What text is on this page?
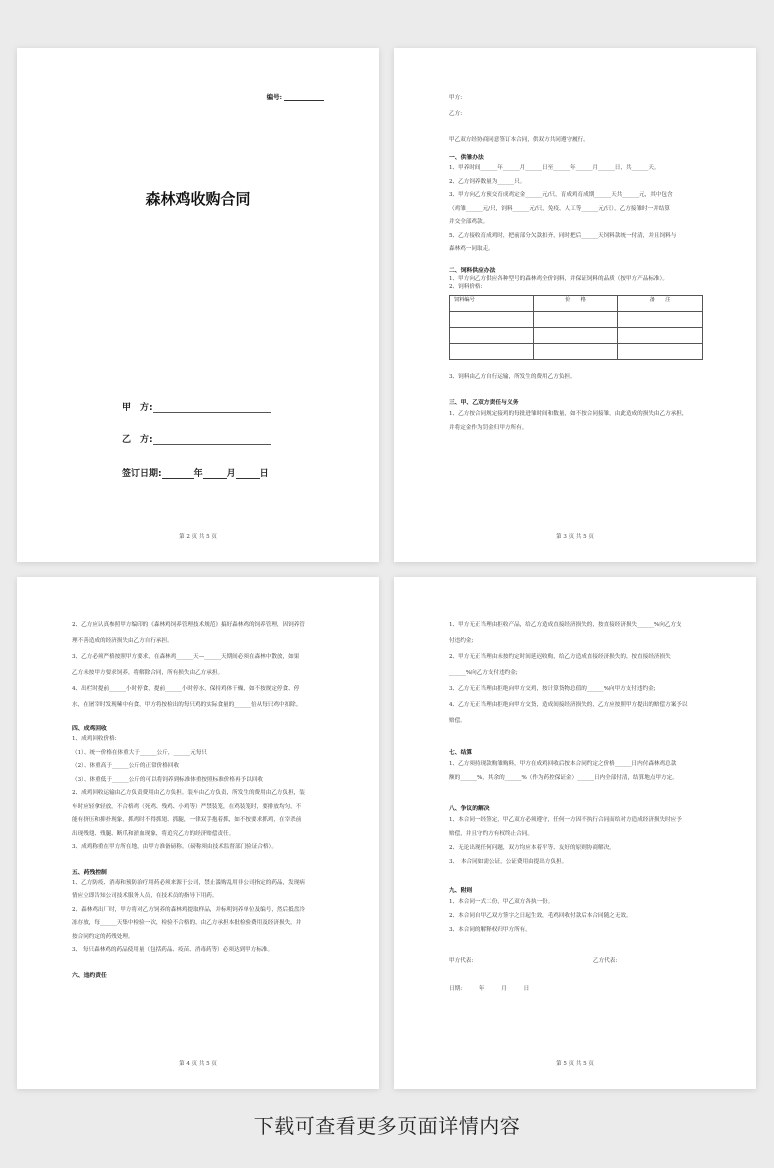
编号:
森林鸡收购合同
甲　方:
乙　方:
签订日期:	年	月	日
第 2 页 共 5 页
甲方:
乙方:
甲乙双方经协商同意签订本合同，供双方共同遵守履行。
一、供雏办法
1、甲养时间______年______月______日至______年______月______日，共______天。
2、乙方饲养数量为______只。
3、甲方向乙方预交育成鸡定金______元/只，育成鸡育成期______天共______元，其中包含
（鸡雏______元/只，饲料______元/只，免疫、人工等______元/只），乙方接雏时一并结算
并交全部鸡款。
5、乙方接收育成鸡时，把前部分欠款扣齐，同时把后______天饲料款统一付清，并且饲料与
森林鸡一同取走。
二、饲料供应办法
1、甲方向乙方供应各种型号的森林鸡全价饲料，并保证饲料的品质（按甲方产品标准）。
2、饲料价格:
饲料编号	价　　格	备　　注

3、饲料由乙方自行运输，所发生的费用乙方负担。
三、甲、乙双方责任与义务
1、乙方按合同规定接鸡的每批进雏时间和数量，如不按合同接雏，由此造成的损失由乙方承担，
并将定金作为罚金归甲方所有。
第 3 页 共 5 页
2、乙方应认真参照甲方编印的《森林鸡饲养管理技术规范》搞好森林鸡的饲养管理，因饲养管
理不善造成的经济损失由乙方自行承担。
3、乙方必须严格按照甲方要求，在森林鸡______天—______天期间必须在森林中散放，如果
乙方未按甲方要求饲养，将解除合同，所有损失由乙方承担。
4、出栏时提前______小时停食，提前______小时停水，保持鸡体干燥，如不按规定停食、停
水，在屠宰时发现嗉中有食，甲方将按检出的每只鸡的实际食量的______倍从每只鸡中扣除。
四、成鸡回收
1、成鸡回收价格:
（1）、统一价格在体重大于______公斤，______元每只
（2）、体重高于______公斤的正常价格回收
（3）、体重低于______公斤的可以将饲养到标准体重按照标准价格再予以回收
2、成鸡回收运输由乙方负责费用由乙方负担。装车由乙方负责，所发生的费用由乙方负担，装
车时应轻拿轻放，不合格鸡（死鸡、残鸡、小鸡等）严禁装笼，在鸡装笼时，要排放均匀，不
能有挤压和抑扑现象，抓鸡时不得抓翅、抓腿，一律双手抱着抓，如不按要求抓鸡，在宰杀前
出现残翅、残腿、断爪和淤血现象，将追究乙方的经济赔偿责任。
3、成鸡称重在甲方所在地，由甲方准备磅称。（磅称须由技术监督部门验证合格）。
五、药残控制
1、乙方防疫、消毒和预防治疗用药必须来源于公司，禁止滥购乱用非公司指定的药品，发现病
情应立即告知公司技术服务人员，在技术员的指导下用药。
2、森林鸡出厂时，甲方将对乙方饲养的森林鸡提取样品，并标明饲养单位及编号，然后抵盘冷
冻存放，每______天集中检验一次，检验不合格的，由乙方承担本批检验费用及经济损失，并
按合同约定的药残处理。
3、 每只森林鸡的药品使用量（包括药品、疫苗、消毒药等）必须达到甲方标准。
六、违约责任
第 4 页 共 5 页
1、甲方无正当理由拒收产品，给乙方造成直接经济损失的，按直接经济损失______%向乙方支
付违约金;
2、甲方无正当理由未按约定时间延迟收购，给乙方造成直接经济损失的，按直接经济损失
______%向乙方支付违约金;
3、乙方无正当理由拒绝向甲方交鸡，按计算货物总值的______%向甲方支付违约金;
4、乙方无正当理由拒绝向甲方交货，造成间接经济损失的，乙方应按照甲方提出的赔偿方案予以
赔偿。
七、结算
1、乙方须持现款购雏购料，甲方在成鸡回收后按本合同约定之价格______日内付森林鸡总款
额的______%，其余的______%（作为药控保证金）______日内全部付清，结算地点甲方定。
八、争议的解决
1、本合同一经签定，甲乙双方必须遵守，任何一方因不执行合同而给对方造成经济损失时应予
赔偿，并且守约方有权终止合同。
2、无论出现任何问题，双方均应本着平等、友好的原则协商解决。
3、　本合同如需公证，公证费用由提出方负担。
九、附则
1、本合同一式二份，甲乙双方各执一份。
2、本合同自甲乙双方签字之日起生效，毛鸡回收付款后本合同随之无效。
3、本合同的解释权归甲方所有。
甲方代表:	乙方代表:
日期:　　　年　　　月　　　日
第 5 页 共 5 页
下载可查看更多页面详情内容
